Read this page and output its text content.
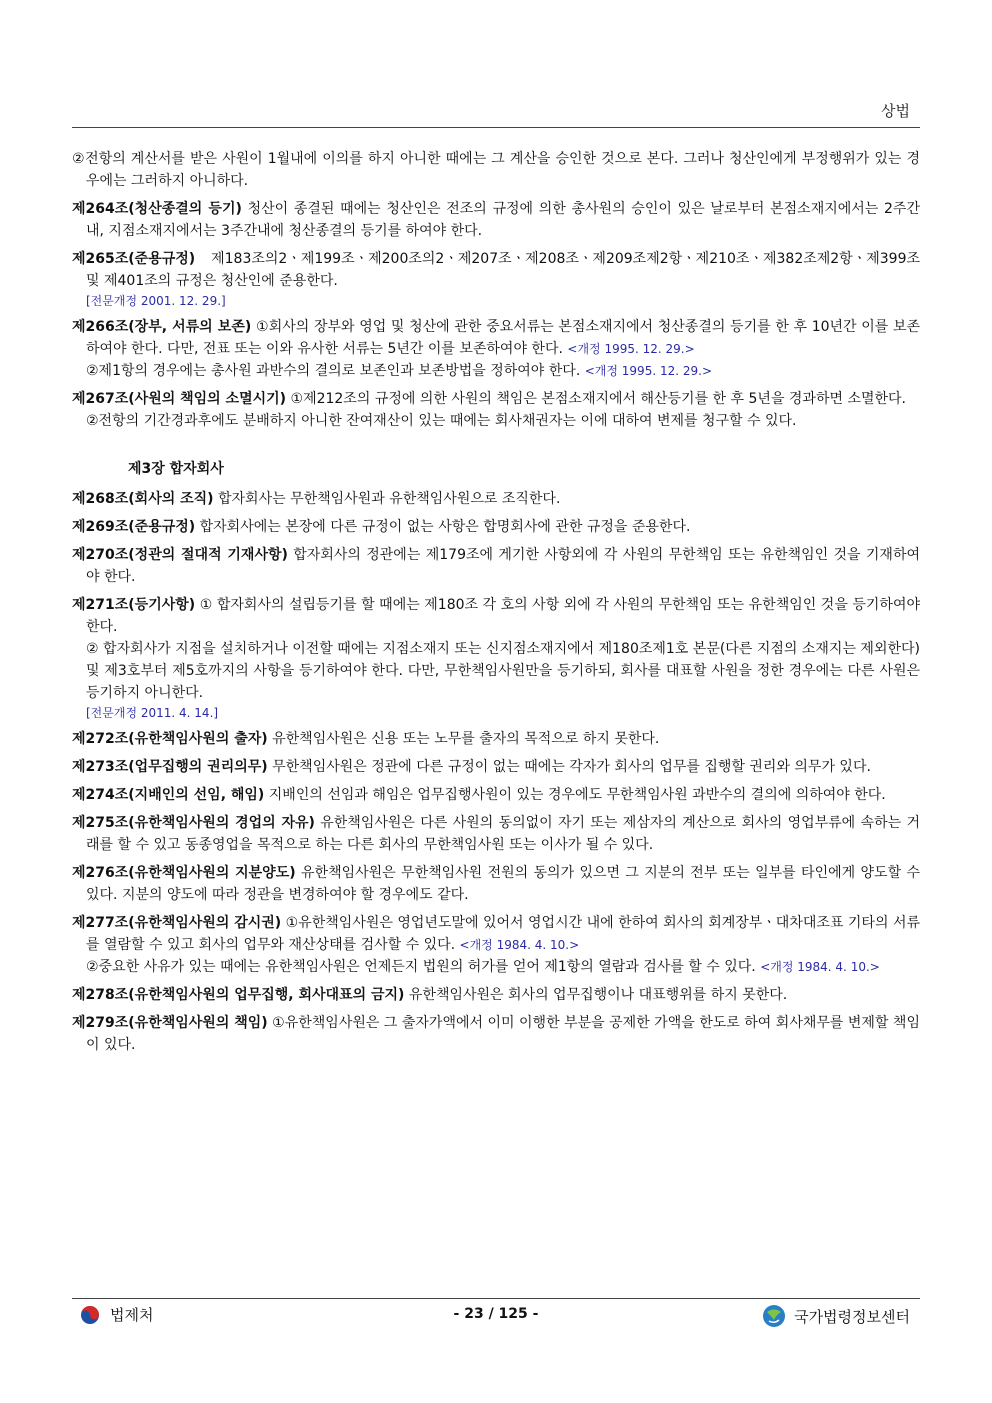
상법

②전항의 계산서를 받은 사원이 1월내에 이의를 하지 아니한 때에는 그 계산을 승인한 것으로 본다. 그러나 청산인에게 부정행위가 있는 경우에는 그러하지 아니하다.

제264조(청산종결의 등기) 청산이 종결된 때에는 청산인은 전조의 규정에 의한 총사원의 승인이 있은 날로부터 본점소재지에서는 2주간내, 지점소재지에서는 3주간내에 청산종결의 등기를 하여야 한다.

제265조(준용규정) 제183조의2ㆍ제199조ㆍ제200조의2ㆍ제207조ㆍ제208조ㆍ제209조제2항ㆍ제210조ㆍ제382조제2항ㆍ제399조 및 제401조의 규정은 청산인에 준용한다.

[전문개정 2001. 12. 29.]

제266조(장부, 서류의 보존) ①회사의 장부와 영업 및 청산에 관한 중요서류는 본점소재지에서 청산종결의 등기를 한 후 10년간 이를 보존하여야 한다. 다만, 전표 또는 이와 유사한 서류는 5년간 이를 보존하여야 한다. <개정 1995. 12. 29.>

②제1항의 경우에는 총사원 과반수의 결의로 보존인과 보존방법을 정하여야 한다. <개정 1995. 12. 29.>

제267조(사원의 책임의 소멸시기) ①제212조의 규정에 의한 사원의 책임은 본점소재지에서 해산등기를 한 후 5년을 경과하면 소멸한다.

②전항의 기간경과후에도 분배하지 아니한 잔여재산이 있는 때에는 회사채권자는 이에 대하여 변제를 청구할 수 있다.

제3장 합자회사

제268조(회사의 조직) 합자회사는 무한책임사원과 유한책임사원으로 조직한다.

제269조(준용규정) 합자회사에는 본장에 다른 규정이 없는 사항은 합명회사에 관한 규정을 준용한다.

제270조(정관의 절대적 기재사항) 합자회사의 정관에는 제179조에 게기한 사항외에 각 사원의 무한책임 또는 유한책임인 것을 기재하여야 한다.

제271조(등기사항) ① 합자회사의 설립등기를 할 때에는 제180조 각 호의 사항 외에 각 사원의 무한책임 또는 유한책임인 것을 등기하여야 한다.

② 합자회사가 지점을 설치하거나 이전할 때에는 지점소재지 또는 신지점소재지에서 제180조제1호 본문(다른 지점의 소재지는 제외한다) 및 제3호부터 제5호까지의 사항을 등기하여야 한다. 다만, 무한책임사원만을 등기하되, 회사를 대표할 사원을 정한 경우에는 다른 사원은 등기하지 아니한다.

[전문개정 2011. 4. 14.]

제272조(유한책임사원의 출자) 유한책임사원은 신용 또는 노무를 출자의 목적으로 하지 못한다.

제273조(업무집행의 권리의무) 무한책임사원은 정관에 다른 규정이 없는 때에는 각자가 회사의 업무를 집행할 권리와 의무가 있다.

제274조(지배인의 선임, 해임) 지배인의 선임과 해임은 업무집행사원이 있는 경우에도 무한책임사원 과반수의 결의에 의하여야 한다.

제275조(유한책임사원의 경업의 자유) 유한책임사원은 다른 사원의 동의없이 자기 또는 제삼자의 계산으로 회사의 영업부류에 속하는 거래를 할 수 있고 동종영업을 목적으로 하는 다른 회사의 무한책임사원 또는 이사가 될 수 있다.

제276조(유한책임사원의 지분양도) 유한책임사원은 무한책임사원 전원의 동의가 있으면 그 지분의 전부 또는 일부를 타인에게 양도할 수 있다. 지분의 양도에 따라 정관을 변경하여야 할 경우에도 같다.

제277조(유한책임사원의 감시권) ①유한책임사원은 영업년도말에 있어서 영업시간 내에 한하여 회사의 회계장부ㆍ대차대조표 기타의 서류를 열람할 수 있고 회사의 업무와 재산상태를 검사할 수 있다. <개정 1984. 4. 10.>

②중요한 사유가 있는 때에는 유한책임사원은 언제든지 법원의 허가를 얻어 제1항의 열람과 검사를 할 수 있다. <개정 1984. 4. 10.>

제278조(유한책임사원의 업무집행, 회사대표의 금지) 유한책임사원은 회사의 업무집행이나 대표행위를 하지 못한다.

제279조(유한책임사원의 책임) ①유한책임사원은 그 출자가액에서 이미 이행한 부분을 공제한 가액을 한도로 하여 회사채무를 변제할 책임이 있다.

법제처	- 23 / 125 -	국가법령정보센터
